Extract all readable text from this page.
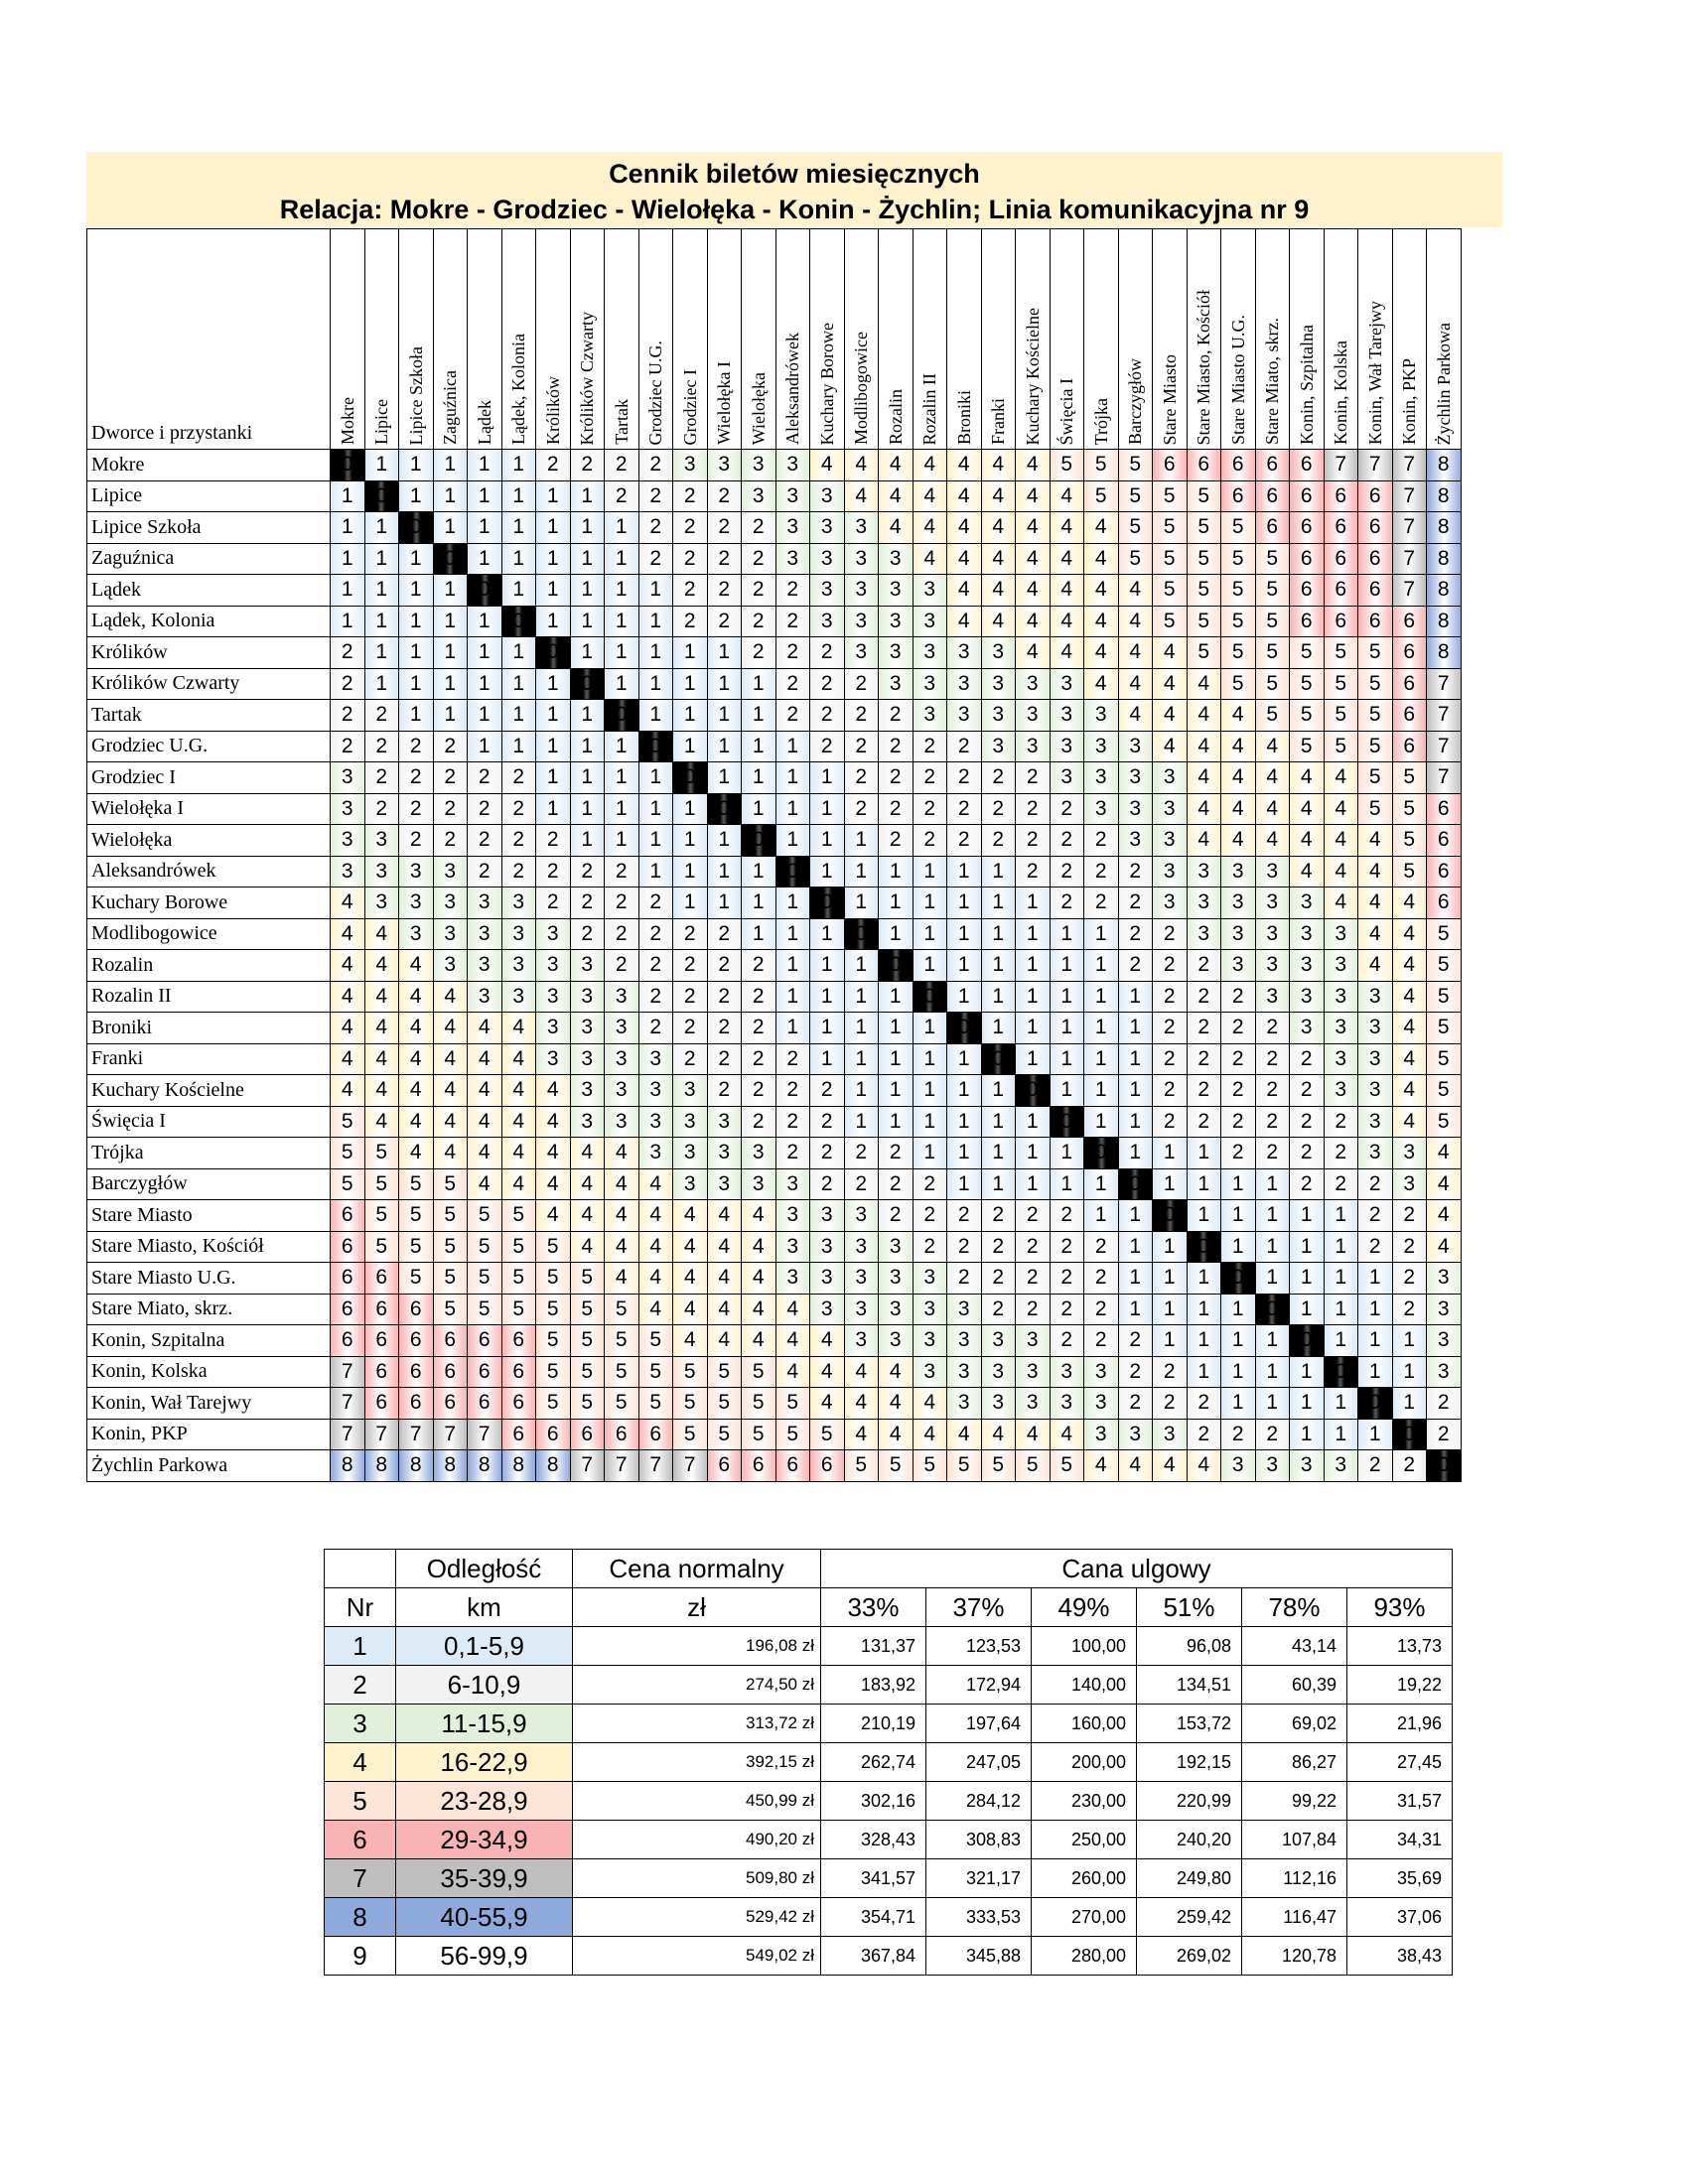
Cennik biletów miesięcznych
Relacja: Mokre - Grodziec - Wielołęka - Konin - Żychlin; Linia komunikacyjna nr 9
Dworce i przystanki	Mokre	Lipice	Lipice Szkoła	Zaguźnica	Lądek	Lądek, Kolonia	Królików	Królików Czwarty	Tartak	Grodziec U.G.	Grodziec I	Wielołęka I	Wielołęka	Aleksandrówek	Kuchary Borowe	Modlibogowice	Rozalin	Rozalin II	Broniki	Franki	Kuchary Kościelne	Święcia I	Trójka	Barczygłów	Stare Miasto	Stare Miasto, Kościół	Stare Miasto U.G.	Stare Miato, skrz.	Konin, Szpitalna	Konin, Kolska	Konin, Wał Tarejwy	Konin, PKP	Żychlin Parkowa

Mokre	0	1	1	1	1	1	2	2	2	2	3	3	3	3	4	4	4	4	4	4	4	5	5	5	6	6	6	6	6	7	7	7	8
Lipice	1	0	1	1	1	1	1	1	2	2	2	2	3	3	3	4	4	4	4	4	4	4	5	5	5	5	6	6	6	6	6	7	8
Lipice Szkoła	1	1	0	1	1	1	1	1	1	2	2	2	2	3	3	3	4	4	4	4	4	4	4	5	5	5	5	6	6	6	6	7	8
Zaguźnica	1	1	1	0	1	1	1	1	1	2	2	2	2	3	3	3	3	4	4	4	4	4	4	5	5	5	5	5	6	6	6	7	8
Lądek	1	1	1	1	0	1	1	1	1	1	2	2	2	2	3	3	3	3	4	4	4	4	4	4	5	5	5	5	6	6	6	7	8
Lądek, Kolonia	1	1	1	1	1	0	1	1	1	1	2	2	2	2	3	3	3	3	4	4	4	4	4	4	5	5	5	5	6	6	6	6	8
Królików	2	1	1	1	1	1	0	1	1	1	1	1	2	2	2	3	3	3	3	3	4	4	4	4	4	5	5	5	5	5	5	6	8
Królików Czwarty	2	1	1	1	1	1	1	0	1	1	1	1	1	2	2	2	3	3	3	3	3	3	4	4	4	4	5	5	5	5	5	6	7
Tartak	2	2	1	1	1	1	1	1	0	1	1	1	1	2	2	2	2	3	3	3	3	3	3	4	4	4	4	5	5	5	5	6	7
Grodziec U.G.	2	2	2	2	1	1	1	1	1	0	1	1	1	1	2	2	2	2	2	3	3	3	3	3	4	4	4	4	5	5	5	6	7
Grodziec I	3	2	2	2	2	2	1	1	1	1	0	1	1	1	1	2	2	2	2	2	2	3	3	3	3	4	4	4	4	4	5	5	7
Wielołęka I	3	2	2	2	2	2	1	1	1	1	1	0	1	1	1	2	2	2	2	2	2	2	3	3	3	4	4	4	4	4	5	5	6
Wielołęka	3	3	2	2	2	2	2	1	1	1	1	1	0	1	1	1	2	2	2	2	2	2	2	3	3	4	4	4	4	4	4	5	6
Aleksandrówek	3	3	3	3	2	2	2	2	2	1	1	1	1	0	1	1	1	1	1	1	2	2	2	2	3	3	3	3	4	4	4	5	6
Kuchary Borowe	4	3	3	3	3	3	2	2	2	2	1	1	1	1	0	1	1	1	1	1	1	2	2	2	3	3	3	3	3	4	4	4	6
Modlibogowice	4	4	3	3	3	3	3	2	2	2	2	2	1	1	1	0	1	1	1	1	1	1	1	2	2	3	3	3	3	3	4	4	5
Rozalin	4	4	4	3	3	3	3	3	2	2	2	2	2	1	1	1	0	1	1	1	1	1	1	2	2	2	3	3	3	3	4	4	5
Rozalin II	4	4	4	4	3	3	3	3	3	2	2	2	2	1	1	1	1	0	1	1	1	1	1	1	2	2	2	3	3	3	3	4	5
Broniki	4	4	4	4	4	4	3	3	3	2	2	2	2	1	1	1	1	1	0	1	1	1	1	1	2	2	2	2	3	3	3	4	5
Franki	4	4	4	4	4	4	3	3	3	3	2	2	2	2	1	1	1	1	1	0	1	1	1	1	2	2	2	2	2	3	3	4	5
Kuchary Kościelne	4	4	4	4	4	4	4	3	3	3	3	2	2	2	2	1	1	1	1	1	0	1	1	1	2	2	2	2	2	3	3	4	5
Święcia I	5	4	4	4	4	4	4	3	3	3	3	3	2	2	2	1	1	1	1	1	1	0	1	1	2	2	2	2	2	2	3	4	5
Trójka	5	5	4	4	4	4	4	4	4	3	3	3	3	2	2	2	2	1	1	1	1	1	0	1	1	1	2	2	2	2	3	3	4
Barczygłów	5	5	5	5	4	4	4	4	4	4	3	3	3	3	2	2	2	2	1	1	1	1	1	0	1	1	1	1	2	2	2	3	4
Stare Miasto	6	5	5	5	5	5	4	4	4	4	4	4	4	3	3	3	2	2	2	2	2	2	1	1	0	1	1	1	1	1	2	2	4
Stare Miasto, Kościół	6	5	5	5	5	5	5	4	4	4	4	4	4	3	3	3	3	2	2	2	2	2	2	1	1	0	1	1	1	1	2	2	4
Stare Miasto U.G.	6	6	5	5	5	5	5	5	4	4	4	4	4	3	3	3	3	3	2	2	2	2	2	1	1	1	0	1	1	1	1	2	3
Stare Miato, skrz.	6	6	6	5	5	5	5	5	5	4	4	4	4	4	3	3	3	3	3	2	2	2	2	1	1	1	1	0	1	1	1	2	3
Konin, Szpitalna	6	6	6	6	6	6	5	5	5	5	4	4	4	4	4	3	3	3	3	3	3	2	2	2	1	1	1	1	0	1	1	1	3
Konin, Kolska	7	6	6	6	6	6	5	5	5	5	5	5	5	4	4	4	4	3	3	3	3	3	3	2	2	1	1	1	1	0	1	1	3
Konin, Wał Tarejwy	7	6	6	6	6	6	5	5	5	5	5	5	5	5	4	4	4	4	3	3	3	3	3	2	2	2	1	1	1	1	0	1	2
Konin, PKP	7	7	7	7	7	6	6	6	6	6	5	5	5	5	5	4	4	4	4	4	4	4	3	3	3	2	2	2	1	1	1	0	2
Żychlin Parkowa	8	8	8	8	8	8	8	7	7	7	7	6	6	6	6	5	5	5	5	5	5	5	4	4	4	4	3	3	3	3	2	2	0
	Odległość	Cena normalny	Cana ulgowy					
Nr	km	zł	33%	37%	49%	51%	78%	93%
1	0,1-5,9	196,08 zł	131,37	123,53	100,00	96,08	43,14	13,73
2	6-10,9	274,50 zł	183,92	172,94	140,00	134,51	60,39	19,22
3	11-15,9	313,72 zł	210,19	197,64	160,00	153,72	69,02	21,96
4	16-22,9	392,15 zł	262,74	247,05	200,00	192,15	86,27	27,45
5	23-28,9	450,99 zł	302,16	284,12	230,00	220,99	99,22	31,57
6	29-34,9	490,20 zł	328,43	308,83	250,00	240,20	107,84	34,31
7	35-39,9	509,80 zł	341,57	321,17	260,00	249,80	112,16	35,69
8	40-55,9	529,42 zł	354,71	333,53	270,00	259,42	116,47	37,06
9	56-99,9	549,02 zł	367,84	345,88	280,00	269,02	120,78	38,43
